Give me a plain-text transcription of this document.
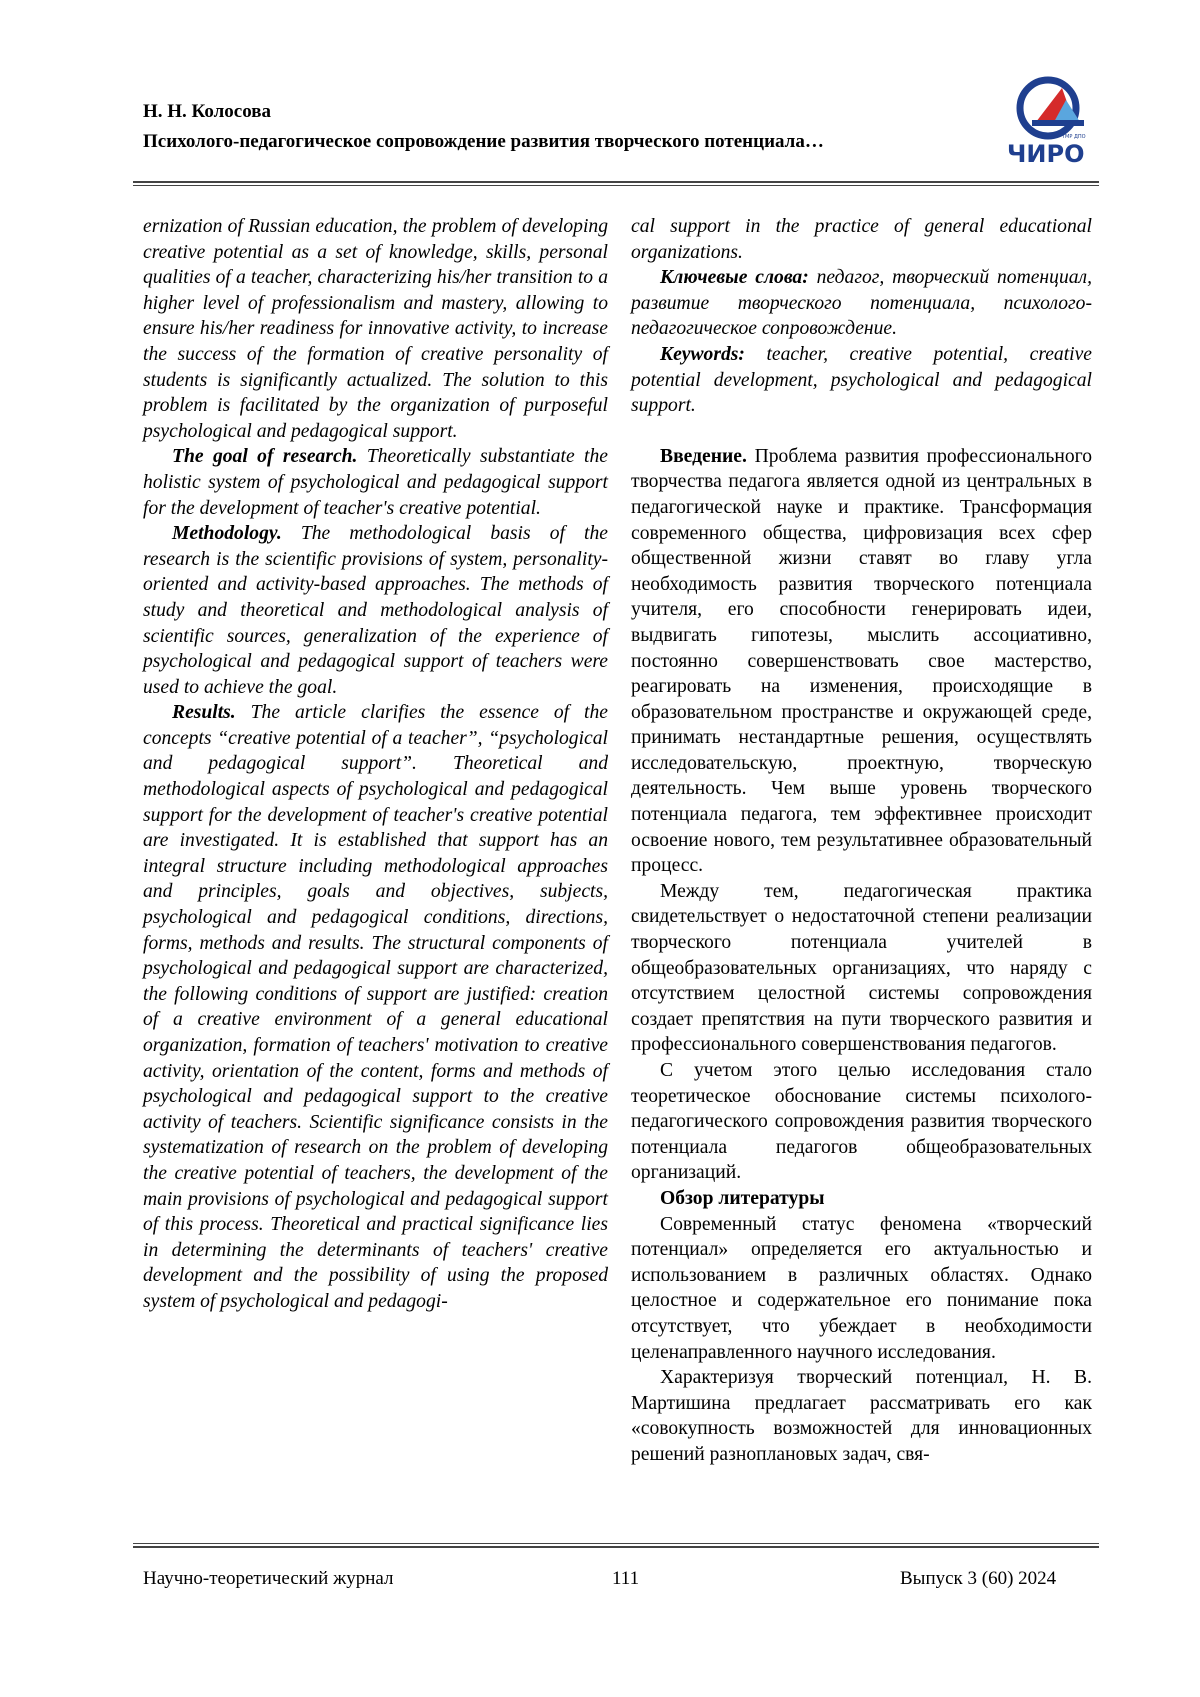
Н. Н. Колосова
Психолого-педагогическое сопровождение развития творческого потенциала…	ТМР ДПО
ЧИРО

ernization of Russian education, the problem of developing creative potential as a set of knowledge, skills, personal qualities of a teacher, characterizing his/her transition to a higher level of professionalism and mastery, allowing to ensure his/her readiness for innovative activity, to increase the success of the formation of creative personality of students is significantly actualized. The solution to this problem is facilitated by the organization of purposeful psychological and pedagogical support.

The goal of research. Theoretically substantiate the holistic system of psychological and pedagogical support for the development of teacher's creative potential.

Methodology. The methodological basis of the research is the scientific provisions of system, personality-oriented and activity-based approaches. The methods of study and theoretical and methodological analysis of scientific sources, generalization of the experience of psychological and pedagogical support of teachers were used to achieve the goal.

Results. The article clarifies the essence of the concepts “creative potential of a teacher”, “psychological and pedagogical support”. Theoretical and methodological aspects of psychological and pedagogical support for the development of teacher's creative potential are investigated. It is established that support has an integral structure including methodological approaches and principles, goals and objectives, subjects, psychological and pedagogical conditions, directions, forms, methods and results. The structural components of psychological and pedagogical support are characterized, the following conditions of support are justified: creation of a creative environment of a general educational organization, formation of teachers' motivation to creative activity, orientation of the content, forms and methods of psychological and pedagogical support to the creative activity of teachers. Scientific significance consists in the systematization of research on the problem of developing the creative potential of teachers, the development of the main provisions of psychological and pedagogical support of this process. Theoretical and practical significance lies in determining the determinants of teachers' creative development and the possibility of using the proposed system of psychological and pedagogi-

cal support in the practice of general educational organizations.

Ключевые слова: педагог, творческий потенциал, развитие творческого потенциала, психолого-педагогическое сопровождение.

Keywords: teacher, creative potential, creative potential development, psychological and pedagogical support.

Введение. Проблема развития профессионального творчества педагога является одной из центральных в педагогической науке и практике. Трансформация современного общества, цифровизация всех сфер общественной жизни ставят во главу угла необходимость развития творческого потенциала учителя, его способности генерировать идеи, выдвигать гипотезы, мыслить ассоциативно, постоянно совершенствовать свое мастерство, реагировать на изменения, происходящие в образовательном пространстве и окружающей среде, принимать нестандартные решения, осуществлять исследовательскую, проектную, творческую деятельность. Чем выше уровень творческого потенциала педагога, тем эффективнее происходит освоение нового, тем результативнее образовательный процесс.

Между тем, педагогическая практика свидетельствует о недостаточной степени реализации творческого потенциала учителей в общеобразовательных организациях, что наряду с отсутствием целостной системы сопровождения создает препятствия на пути творческого развития и профессионального совершенствования педагогов.

С учетом этого целью исследования стало теоретическое обоснование системы психолого-педагогического сопровождения развития творческого потенциала педагогов общеобразовательных организаций.

Обзор литературы

Современный статус феномена «творческий потенциал» определяется его актуальностью и использованием в различных областях. Однако целостное и содержательное его понимание пока отсутствует, что убеждает в необходимости целенаправленного научного исследования.

Характеризуя творческий потенциал, Н. В. Мартишина предлагает рассматривать его как «совокупность возможностей для инновационных решений разноплановых задач, свя-

Научно-теоретический журнал	111	Выпуск 3 (60) 2024
